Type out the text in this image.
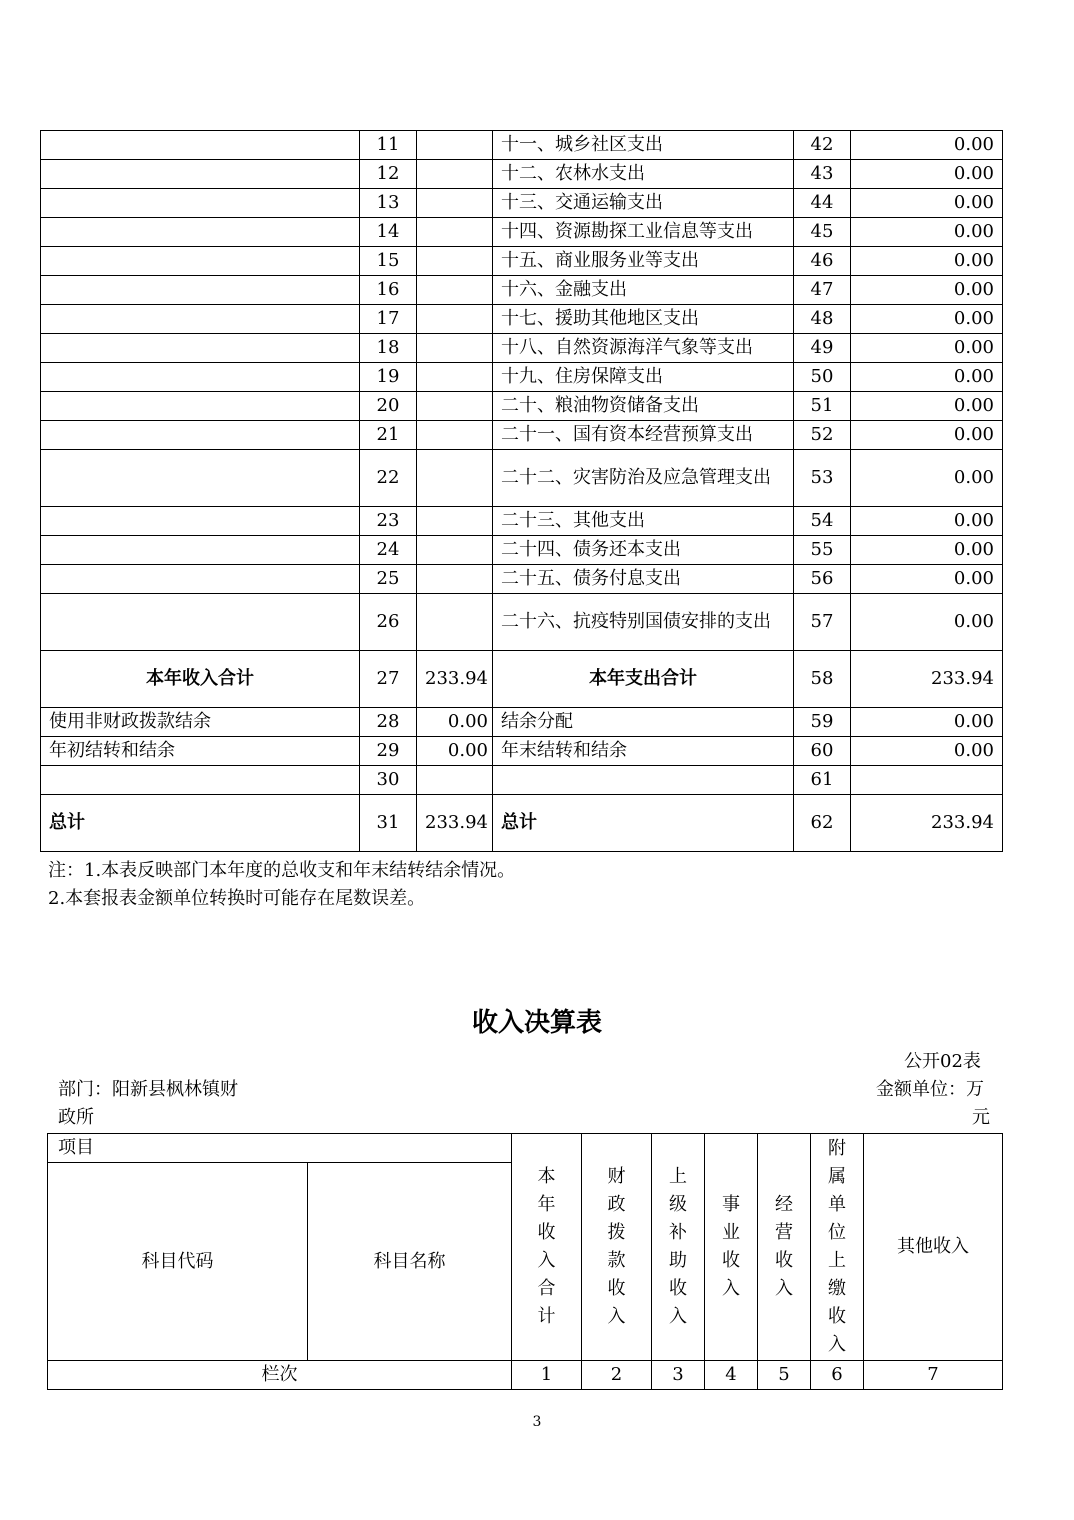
	11		十一、城乡社区支出	42	0.00
	12		十二、农林水支出	43	0.00
	13		十三、交通运输支出	44	0.00
	14		十四、资源勘探工业信息等支出	45	0.00
	15		十五、商业服务业等支出	46	0.00
	16		十六、金融支出	47	0.00
	17		十七、援助其他地区支出	48	0.00
	18		十八、自然资源海洋气象等支出	49	0.00
	19		十九、住房保障支出	50	0.00
	20		二十、粮油物资储备支出	51	0.00
	21		二十一、国有资本经营预算支出	52	0.00
	22		二十二、灾害防治及应急管理支出	53	0.00
	23		二十三、其他支出	54	0.00
	24		二十四、债务还本支出	55	0.00
	25		二十五、债务付息支出	56	0.00
	26		二十六、抗疫特别国债安排的支出	57	0.00
本年收入合计	27	233.94	本年支出合计	58	233.94
使用非财政拨款结余	28	0.00	结余分配	59	0.00
年初结转和结余	29	0.00	年末结转和结余	60	0.00
	30			61	
总计	31	233.94	总计	62	233.94
注：1.本表反映部门本年度的总收支和年末结转结余情况。
2.本套报表金额单位转换时可能存在尾数误差。
收入决算表
公开02表
部门：阳新县枫林镇财
政所
金额单位：万
元
项目		本年收入合计	财政拨款收入	上级补助收入	事业收入	经营收入	附属单位上缴收入	其他收入
科目代码	科目名称							
栏次		1	2	3	4	5	6	7
3
